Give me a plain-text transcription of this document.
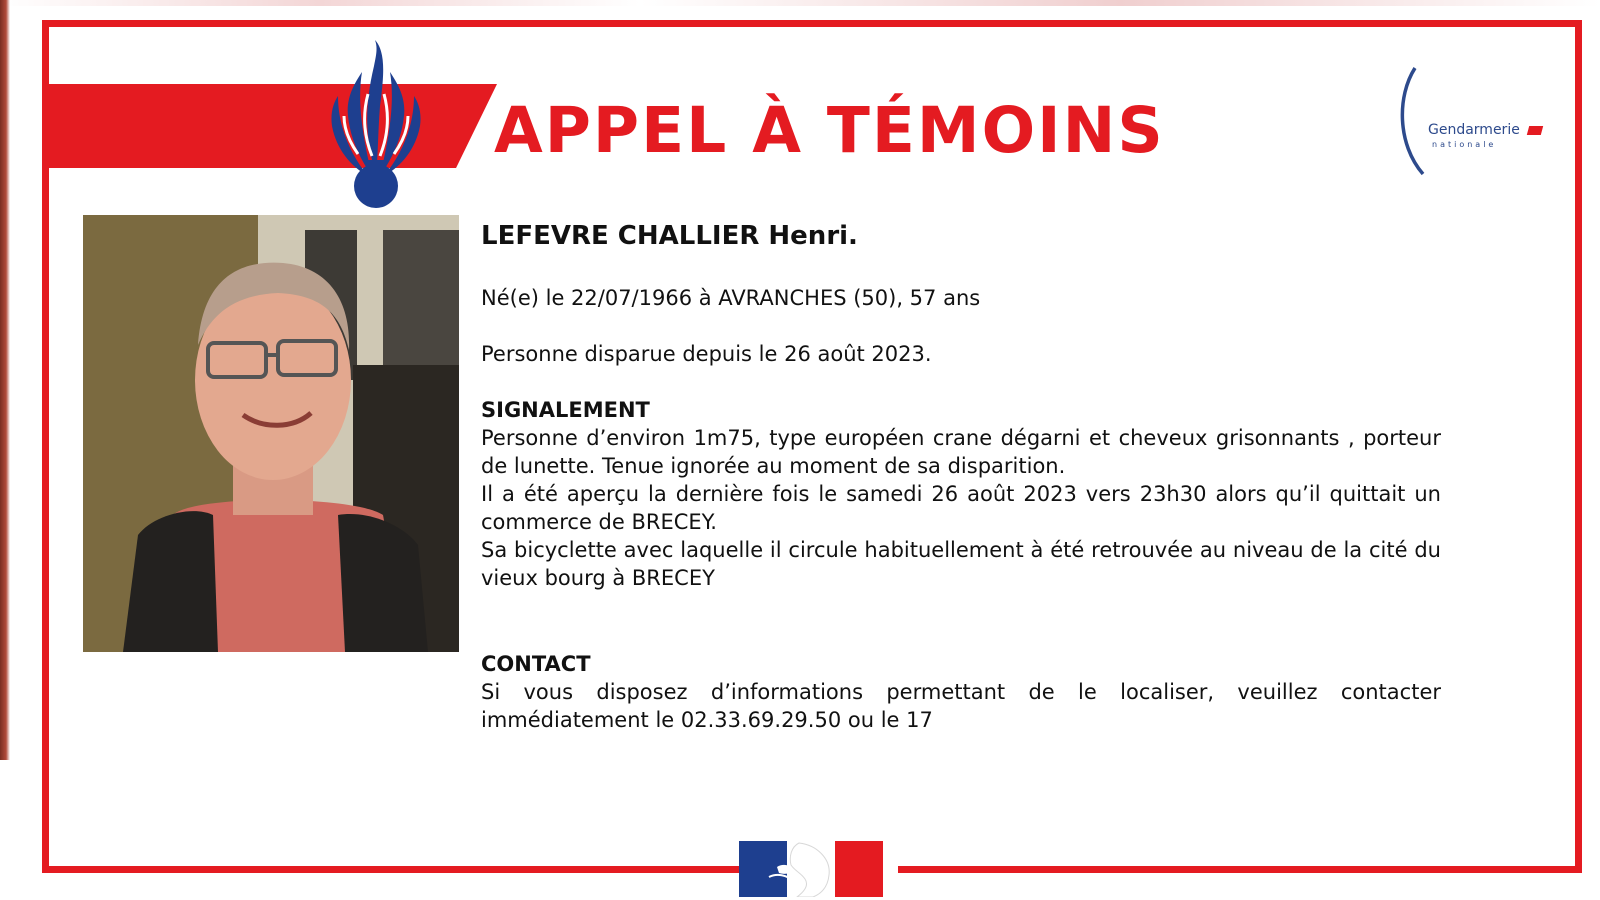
APPEL À TÉMOINS	Gendarmerie
nationale

LEFEVRE CHALLIER Henri.

Né(e) le 22/07/1966 à AVRANCHES (50), 57 ans

Personne disparue depuis le 26 août 2023.

SIGNALEMENT

Personne d’environ 1m75, type européen crane dégarni et cheveux grisonnants , porteur de lunette. Tenue ignorée au moment de sa disparition.

Il a été aperçu la dernière fois le samedi 26 août 2023 vers 23h30 alors qu’il quittait un commerce de BRECEY.

Sa bicyclette avec laquelle il circule habituellement à été retrouvée au niveau de la cité du vieux bourg à BRECEY

CONTACT

Si vous disposez d’informations permettant de le localiser, veuillez contacter immédiatement le 02.33.69.29.50 ou le 17
